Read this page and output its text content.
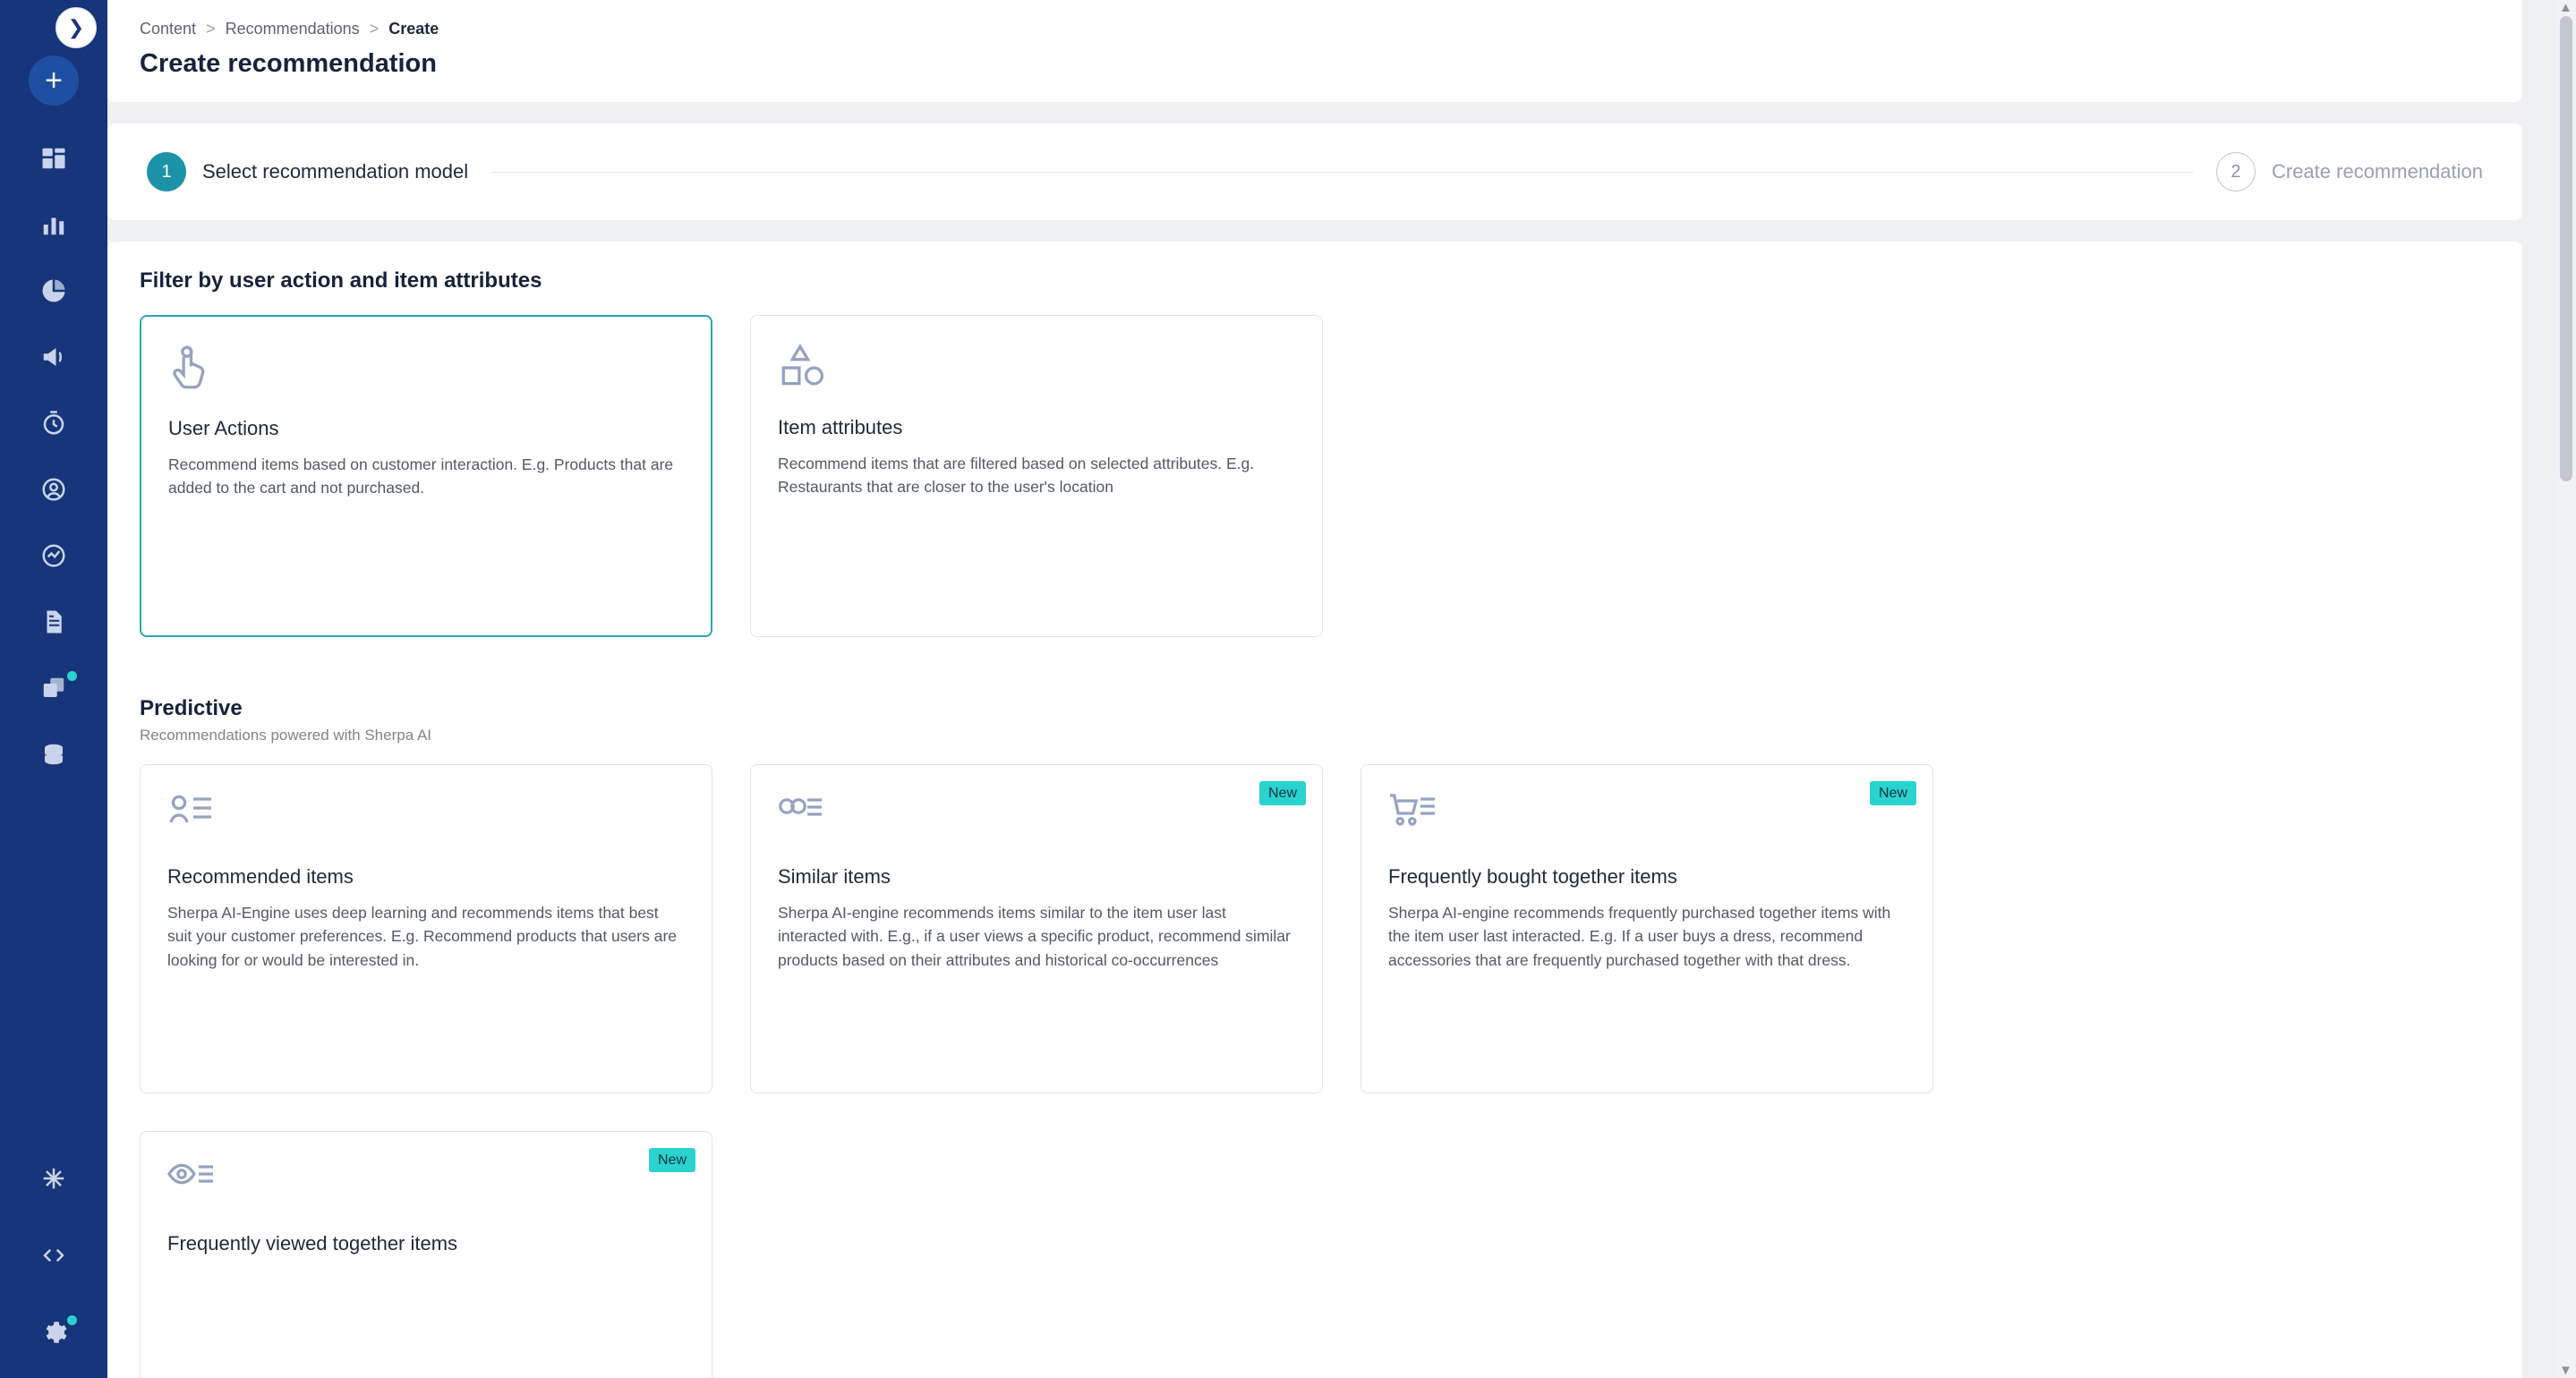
❯
+
Content > Recommendations > Create
Create recommendation
1	Select recommendation model	2	Create recommendation
Filter by user action and item attributes
User Actions
Recommend items based on customer interaction. E.g. Products that are added to the cart and not purchased.
Item attributes
Recommend items that are filtered based on selected attributes. E.g. Restaurants that are closer to the user's location
Predictive
Recommendations powered with Sherpa AI
Recommended items
Sherpa AI-Engine uses deep learning and recommends items that best suit your customer preferences. E.g. Recommend products that users are looking for or would be interested in.
New
Similar items
Sherpa AI-engine recommends items similar to the item user last interacted with. E.g., if a user views a specific product, recommend similar products based on their attributes and historical co-occurrences
New
Frequently bought together items
Sherpa AI-engine recommends frequently purchased together items with the item user last interacted. E.g. If a user buys a dress, recommend accessories that are frequently purchased together with that dress.
New
Frequently viewed together items
▲
▼
